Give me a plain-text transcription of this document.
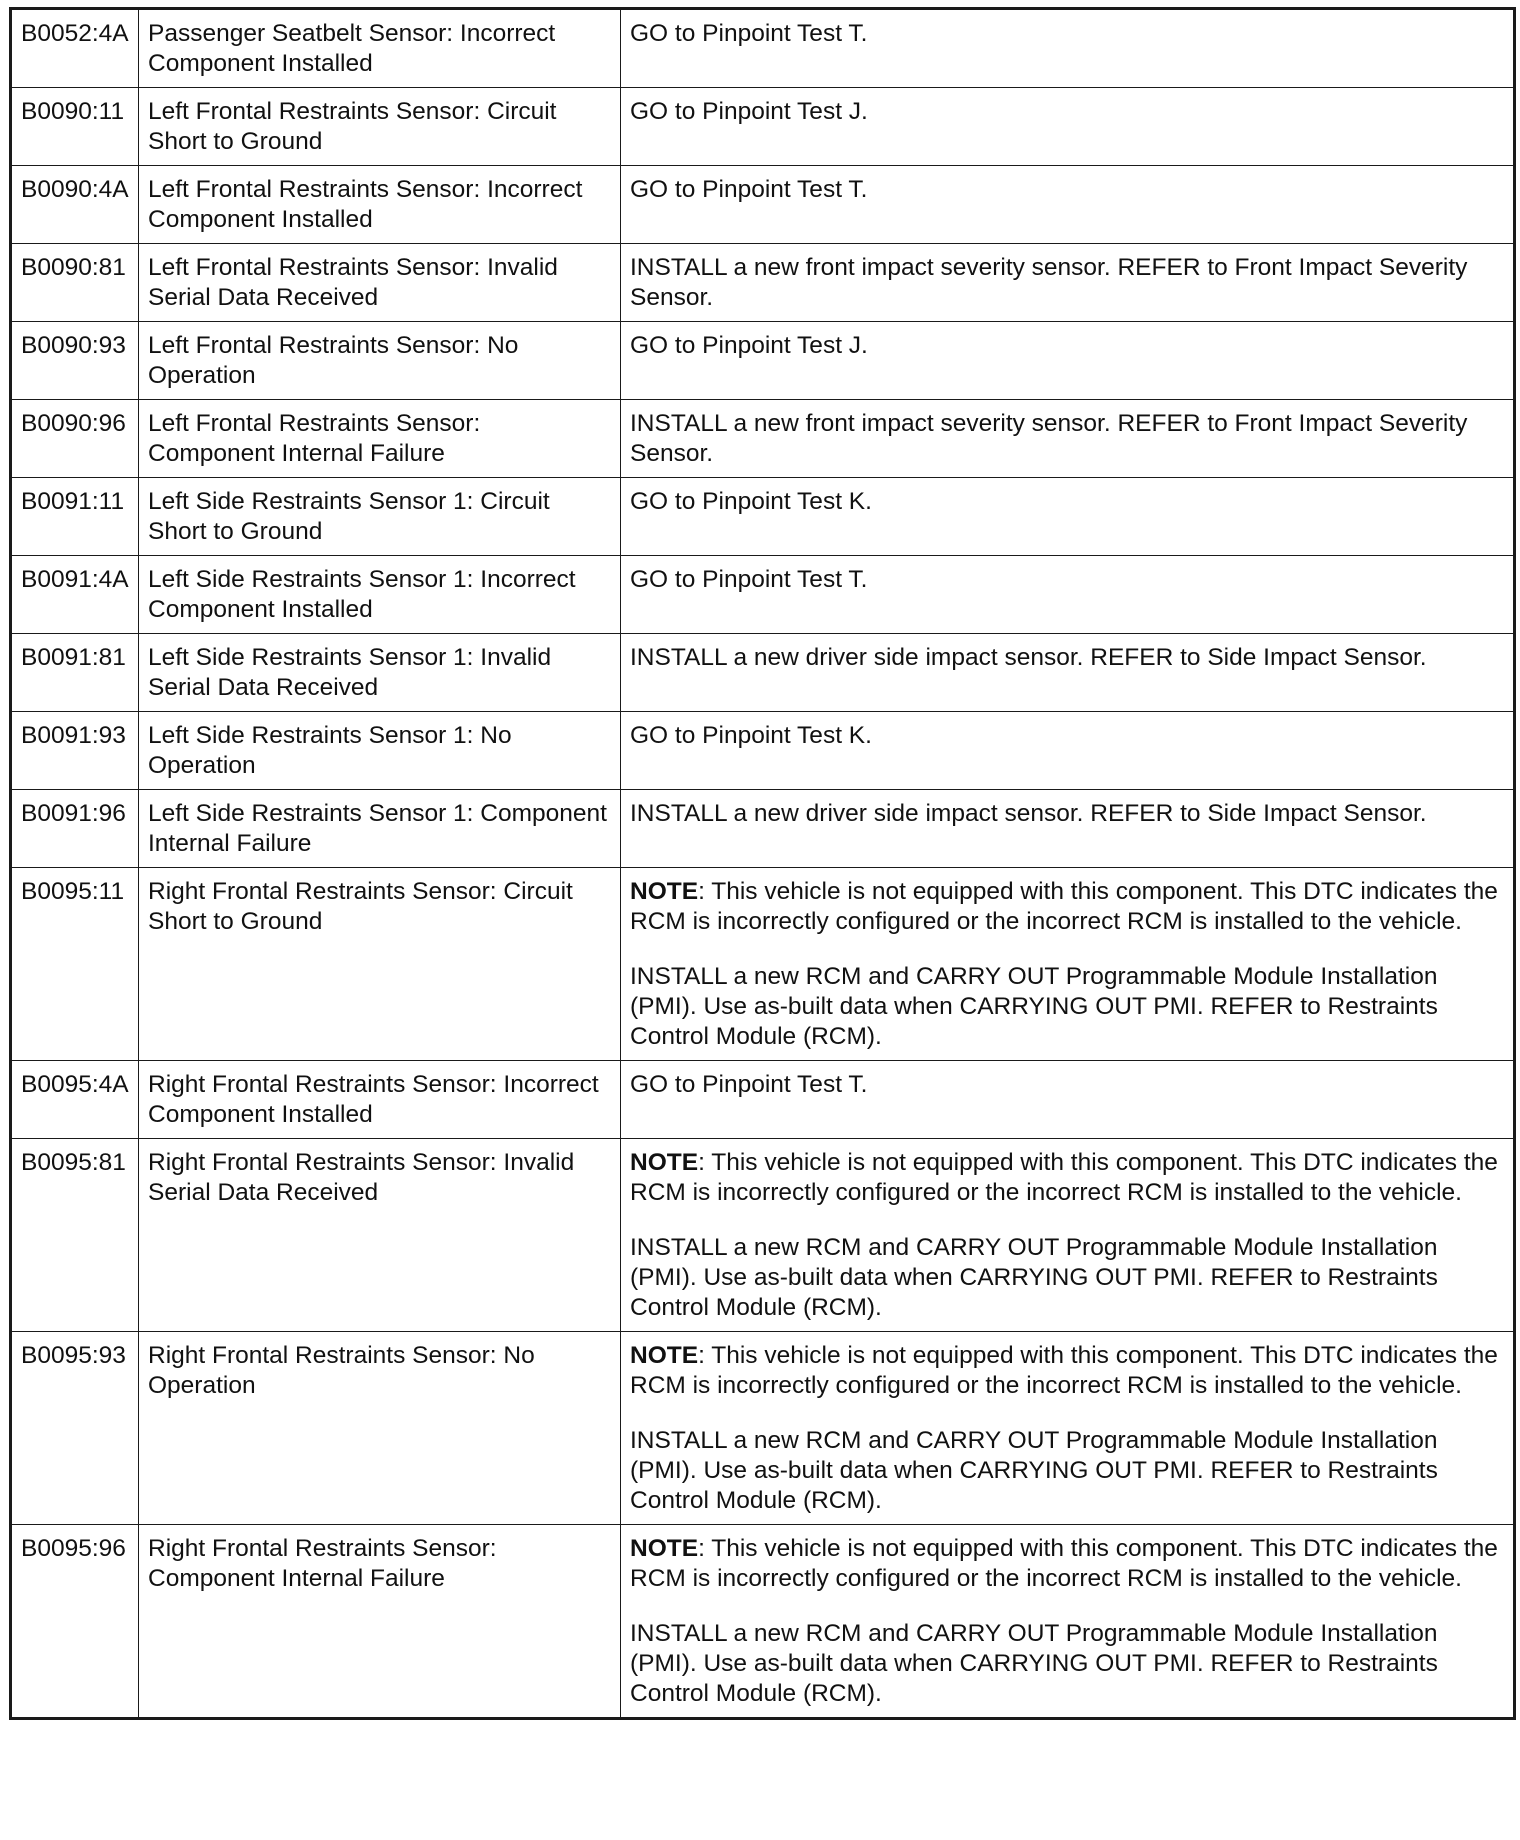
B0052:4A	Passenger Seatbelt Sensor: Incorrect Component Installed	GO to Pinpoint Test T.

B0090:11	Left Frontal Restraints Sensor: Circuit Short to Ground	GO to Pinpoint Test J.

B0090:4A	Left Frontal Restraints Sensor: Incorrect Component Installed	GO to Pinpoint Test T.

B0090:81	Left Frontal Restraints Sensor: Invalid Serial Data Received	INSTALL a new front impact severity sensor. REFER to Front Impact Severity Sensor.

B0090:93	Left Frontal Restraints Sensor: No Operation	GO to Pinpoint Test J.

B0090:96	Left Frontal Restraints Sensor: Component Internal Failure	INSTALL a new front impact severity sensor. REFER to Front Impact Severity Sensor.

B0091:11	Left Side Restraints Sensor 1: Circuit Short to Ground	GO to Pinpoint Test K.

B0091:4A	Left Side Restraints Sensor 1: Incorrect Component Installed	GO to Pinpoint Test T.

B0091:81	Left Side Restraints Sensor 1: Invalid Serial Data Received	INSTALL a new driver side impact sensor. REFER to Side Impact Sensor.

B0091:93	Left Side Restraints Sensor 1: No Operation	GO to Pinpoint Test K.

B0091:96	Left Side Restraints Sensor 1: Component Internal Failure	INSTALL a new driver side impact sensor. REFER to Side Impact Sensor.

B0095:11	Right Frontal Restraints Sensor: Circuit Short to Ground	NOTE: This vehicle is not equipped with this component. This DTC indicates the RCM is incorrectly configured or the incorrect RCM is installed to the vehicle.

INSTALL a new RCM and CARRY OUT Programmable Module Installation (PMI). Use as-built data when CARRYING OUT PMI. REFER to Restraints Control Module (RCM).

B0095:4A	Right Frontal Restraints Sensor: Incorrect Component Installed	GO to Pinpoint Test T.

B0095:81	Right Frontal Restraints Sensor: Invalid Serial Data Received	NOTE: This vehicle is not equipped with this component. This DTC indicates the RCM is incorrectly configured or the incorrect RCM is installed to the vehicle.

INSTALL a new RCM and CARRY OUT Programmable Module Installation (PMI). Use as-built data when CARRYING OUT PMI. REFER to Restraints Control Module (RCM).

B0095:93	Right Frontal Restraints Sensor: No Operation	NOTE: This vehicle is not equipped with this component. This DTC indicates the RCM is incorrectly configured or the incorrect RCM is installed to the vehicle.

INSTALL a new RCM and CARRY OUT Programmable Module Installation (PMI). Use as-built data when CARRYING OUT PMI. REFER to Restraints Control Module (RCM).

B0095:96	Right Frontal Restraints Sensor: Component Internal Failure	NOTE: This vehicle is not equipped with this component. This DTC indicates the RCM is incorrectly configured or the incorrect RCM is installed to the vehicle.

INSTALL a new RCM and CARRY OUT Programmable Module Installation (PMI). Use as-built data when CARRYING OUT PMI. REFER to Restraints Control Module (RCM).
